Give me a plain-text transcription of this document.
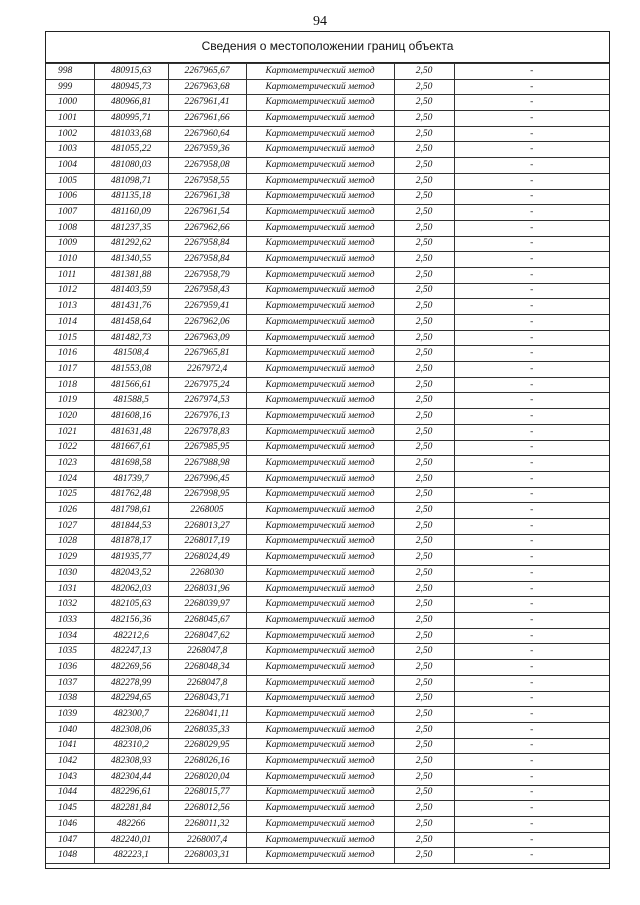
94
Сведения о местоположении границ объекта
998	480915,63	2267965,67	Картометрический метод	2,50	-
999	480945,73	2267963,68	Картометрический метод	2,50	-
1000	480966,81	2267961,41	Картометрический метод	2,50	-
1001	480995,71	2267961,66	Картометрический метод	2,50	-
1002	481033,68	2267960,64	Картометрический метод	2,50	-
1003	481055,22	2267959,36	Картометрический метод	2,50	-
1004	481080,03	2267958,08	Картометрический метод	2,50	-
1005	481098,71	2267958,55	Картометрический метод	2,50	-
1006	481135,18	2267961,38	Картометрический метод	2,50	-
1007	481160,09	2267961,54	Картометрический метод	2,50	-
1008	481237,35	2267962,66	Картометрический метод	2,50	-
1009	481292,62	2267958,84	Картометрический метод	2,50	-
1010	481340,55	2267958,84	Картометрический метод	2,50	-
1011	481381,88	2267958,79	Картометрический метод	2,50	-
1012	481403,59	2267958,43	Картометрический метод	2,50	-
1013	481431,76	2267959,41	Картометрический метод	2,50	-
1014	481458,64	2267962,06	Картометрический метод	2,50	-
1015	481482,73	2267963,09	Картометрический метод	2,50	-
1016	481508,4	2267965,81	Картометрический метод	2,50	-
1017	481553,08	2267972,4	Картометрический метод	2,50	-
1018	481566,61	2267975,24	Картометрический метод	2,50	-
1019	481588,5	2267974,53	Картометрический метод	2,50	-
1020	481608,16	2267976,13	Картометрический метод	2,50	-
1021	481631,48	2267978,83	Картометрический метод	2,50	-
1022	481667,61	2267985,95	Картометрический метод	2,50	-
1023	481698,58	2267988,98	Картометрический метод	2,50	-
1024	481739,7	2267996,45	Картометрический метод	2,50	-
1025	481762,48	2267998,95	Картометрический метод	2,50	-
1026	481798,61	2268005	Картометрический метод	2,50	-
1027	481844,53	2268013,27	Картометрический метод	2,50	-
1028	481878,17	2268017,19	Картометрический метод	2,50	-
1029	481935,77	2268024,49	Картометрический метод	2,50	-
1030	482043,52	2268030	Картометрический метод	2,50	-
1031	482062,03	2268031,96	Картометрический метод	2,50	-
1032	482105,63	2268039,97	Картометрический метод	2,50	-
1033	482156,36	2268045,67	Картометрический метод	2,50	-
1034	482212,6	2268047,62	Картометрический метод	2,50	-
1035	482247,13	2268047,8	Картометрический метод	2,50	-
1036	482269,56	2268048,34	Картометрический метод	2,50	-
1037	482278,99	2268047,8	Картометрический метод	2,50	-
1038	482294,65	2268043,71	Картометрический метод	2,50	-
1039	482300,7	2268041,11	Картометрический метод	2,50	-
1040	482308,06	2268035,33	Картометрический метод	2,50	-
1041	482310,2	2268029,95	Картометрический метод	2,50	-
1042	482308,93	2268026,16	Картометрический метод	2,50	-
1043	482304,44	2268020,04	Картометрический метод	2,50	-
1044	482296,61	2268015,77	Картометрический метод	2,50	-
1045	482281,84	2268012,56	Картометрический метод	2,50	-
1046	482266	2268011,32	Картометрический метод	2,50	-
1047	482240,01	2268007,4	Картометрический метод	2,50	-
1048	482223,1	2268003,31	Картометрический метод	2,50	-
